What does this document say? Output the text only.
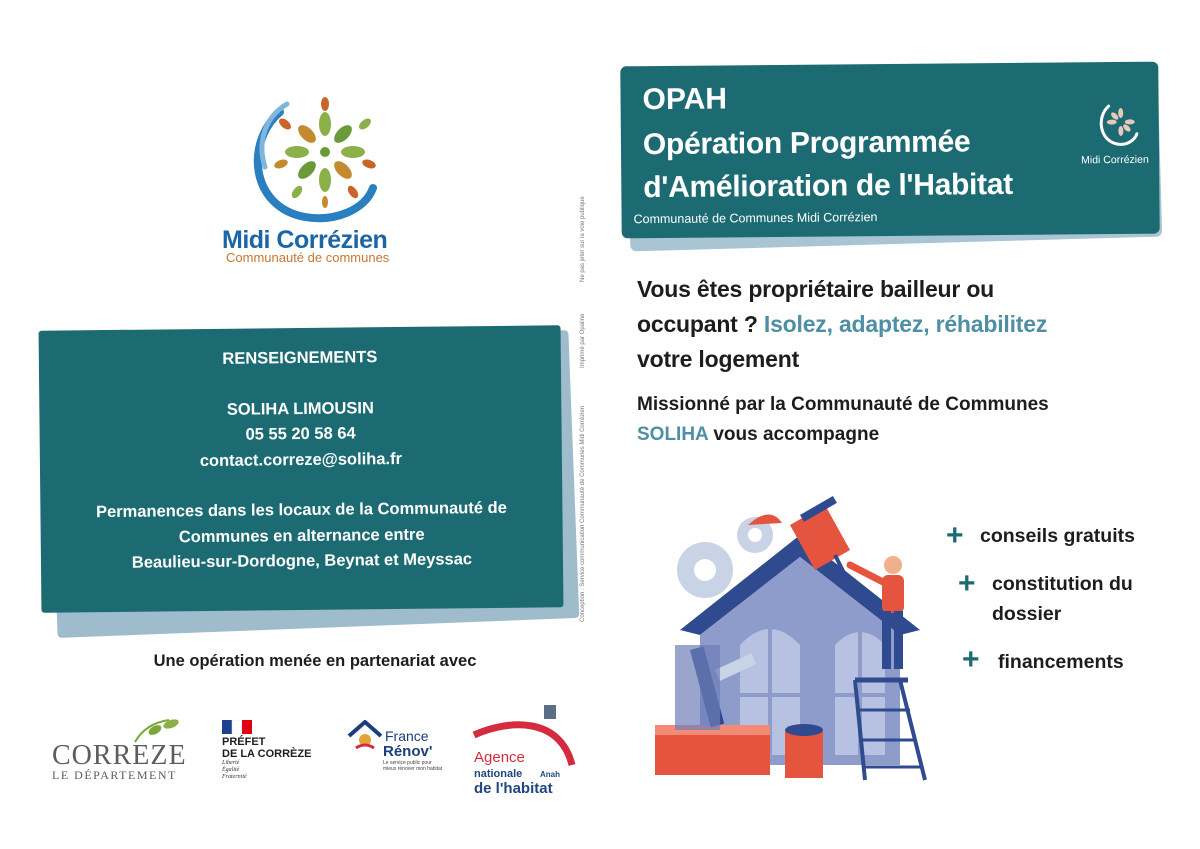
Midi Corrézien
Communauté de communes	Ne pas jeter sur la voie publique
Imprimé par Opaline
Conception : Service communication Communauté de Communes Midi Corrézien
RENSEIGNEMENTS
SOLIHA LIMOUSIN
05 55 20 58 64
contact.correze@soliha.fr
Permanences dans les locaux de la Communauté de
Communes en alternance entre
Beaulieu-sur-Dordogne, Beynat et Meyssac
Une opération menée en partenariat avec
CORREZE
LE DÉPARTEMENT
PRÉFET
DE LA CORRÈZE
Liberté
Égalité
Fraternité
France
Rénov'
Le service public pour mieux rénover mon habitat
Agence
nationale Anah
de l'habitat
OPAH
Opération Programmée
d'Amélioration de l'Habitat
Communauté de Communes Midi Corrézien
Midi Corrézien
Vous êtes propriétaire bailleur ou
occupant ? Isolez, adaptez, réhabilitez
votre logement
Missionné par la Communauté de Communes
SOLIHA vous accompagne
+ conseils gratuits
+ constitution du
dossier
+ financements
